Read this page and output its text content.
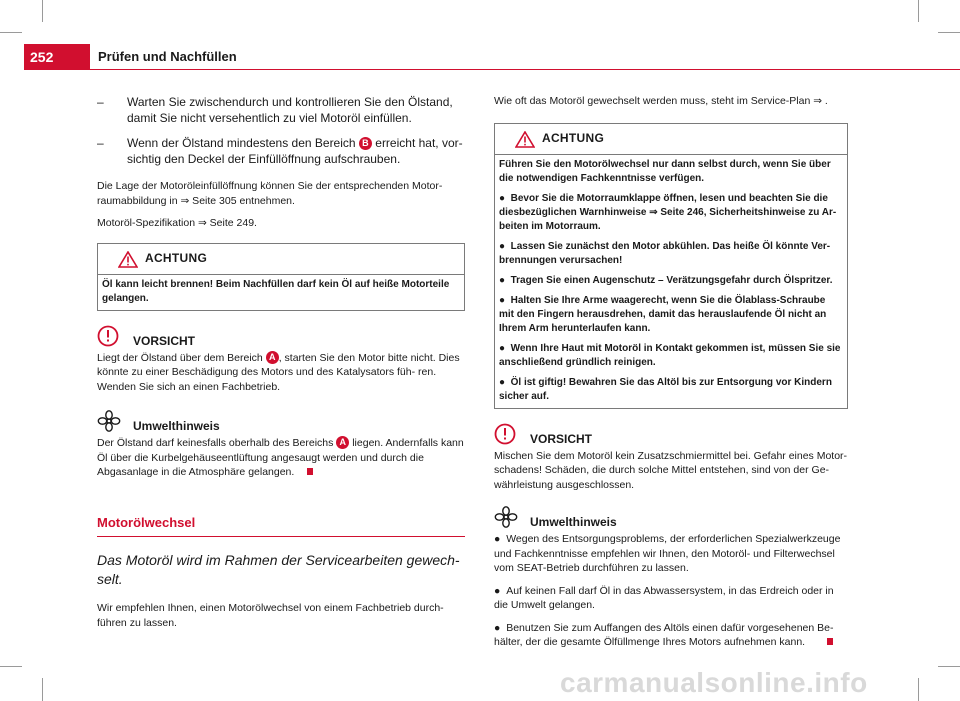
252	Prüfen und Nachfüllen
– Warten Sie zwischendurch und kontrollieren Sie den Ölstand, damit Sie nicht versehentlich zu viel Motoröl einfüllen.
– Wenn der Ölstand mindestens den Bereich B erreicht hat, vor- sichtig den Deckel der Einfüllöffnung aufschrauben.

Die Lage der Motoröleinfüllöffnung können Sie der entsprechenden Motor- raumabbildung in ⇒ Seite 305 entnehmen.

Motoröl-Spezifikation ⇒ Seite 249.

ACHTUNG
Öl kann leicht brennen! Beim Nachfüllen darf kein Öl auf heiße Motorteile gelangen.
VORSICHT

Liegt der Ölstand über dem Bereich A , starten Sie den Motor bitte nicht. Dies könnte zu einer Beschädigung des Motors und des Katalysators füh- ren. Wenden Sie sich an einen Fachbetrieb.

Umwelthinweis

Der Ölstand darf keinesfalls oberhalb des Bereichs A liegen. Andernfalls kann Öl über die Kurbelgehäuseentlüftung angesaugt werden und durch die Abgasanlage in die Atmosphäre gelangen.

Motorölwechsel
Das Motoröl wird im Rahmen der Servicearbeiten gewech- selt.

Wir empfehlen Ihnen, einen Motorölwechsel von einem Fachbetrieb durch- führen zu lassen.

Wie oft das Motoröl gewechselt werden muss, steht im Service-Plan ⇒ .

ACHTUNG
Führen Sie den Motorölwechsel nur dann selbst durch, wenn Sie über die notwendigen Fachkenntnisse verfügen.
● Bevor Sie die Motorraumklappe öffnen, lesen und beachten Sie die diesbezüglichen Warnhinweise ⇒ Seite 246, Sicherheitshinweise zu Ar- beiten im Motorraum.
● Lassen Sie zunächst den Motor abkühlen. Das heiße Öl könnte Ver- brennungen verursachen!
● Tragen Sie einen Augenschutz – Verätzungsgefahr durch Ölspritzer.
● Halten Sie Ihre Arme waagerecht, wenn Sie die Ölablass-Schraube mit den Fingern herausdrehen, damit das herauslaufende Öl nicht an Ihrem Arm herunterlaufen kann.
● Wenn Ihre Haut mit Motoröl in Kontakt gekommen ist, müssen Sie sie anschließend gründlich reinigen.
● Öl ist giftig! Bewahren Sie das Altöl bis zur Entsorgung vor Kindern sicher auf.
VORSICHT

Mischen Sie dem Motoröl kein Zusatzschmiermittel bei. Gefahr eines Motor- schadens! Schäden, die durch solche Mittel entstehen, sind von der Ge- währleistung ausgeschlossen.

Umwelthinweis
● Wegen des Entsorgungsproblems, der erforderlichen Spezialwerkzeuge und Fachkenntnisse empfehlen wir Ihnen, den Motoröl- und Filterwechsel vom SEAT-Betrieb durchführen zu lassen.
● Auf keinen Fall darf Öl in das Abwassersystem, in das Erdreich oder in die Umwelt gelangen.
● Benutzen Sie zum Auffangen des Altöls einen dafür vorgesehenen Be- hälter, der die gesamte Ölfüllmenge Ihres Motors aufnehmen kann.
carmanualsonline.info
